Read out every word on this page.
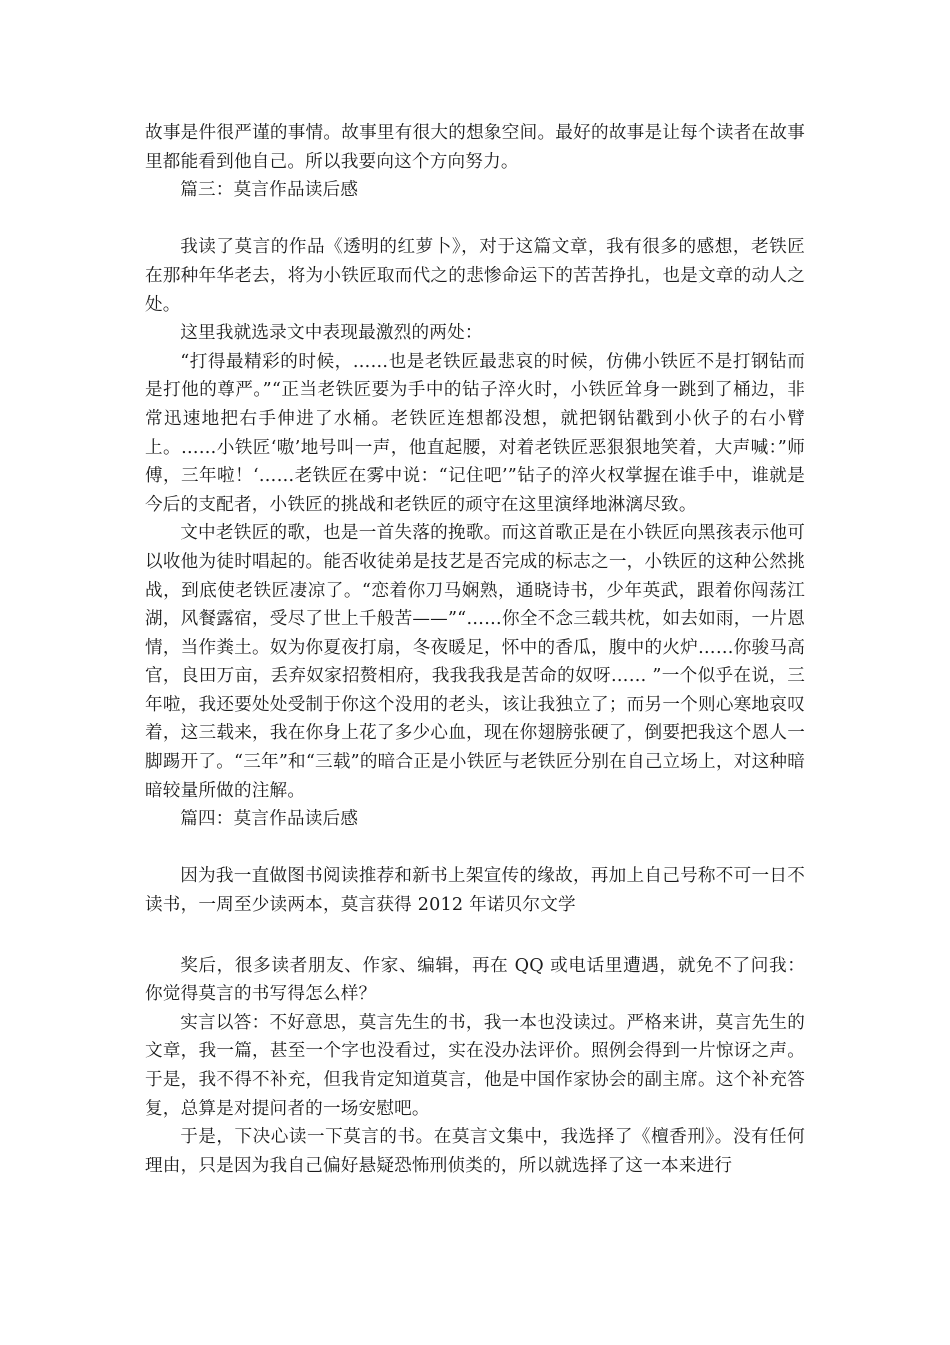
故事是件很严谨的事情。故事里有很大的想象空间。最好的故事是让每个读者在故事里都能看到他自己。所以我要向这个方向努力。

篇三：莫言作品读后感

我读了莫言的作品《透明的红萝卜》，对于这篇文章，我有很多的感想，老铁匠在那种年华老去，将为小铁匠取而代之的悲惨命运下的苦苦挣扎，也是文章的动人之处。

这里我就选录文中表现最激烈的两处：

“打得最精彩的时候，……也是老铁匠最悲哀的时候，仿佛小铁匠不是打钢钻而是打他的尊严。”“正当老铁匠要为手中的钻子淬火时，小铁匠耸身一跳到了桶边，非常迅速地把右手伸进了水桶。老铁匠连想都没想，就把钢钻戳到小伙子的右小臂上。……小铁匠‘嗷’地号叫一声，他直起腰，对着老铁匠恶狠狠地笑着，大声喊：”师傅，三年啦！‘……老铁匠在雾中说：“记住吧’”钻子的淬火权掌握在谁手中，谁就是今后的支配者，小铁匠的挑战和老铁匠的顽守在这里演绎地淋漓尽致。

文中老铁匠的歌，也是一首失落的挽歌。而这首歌正是在小铁匠向黑孩表示他可以收他为徒时唱起的。能否收徒弟是技艺是否完成的标志之一，小铁匠的这种公然挑战，到底使老铁匠凄凉了。“恋着你刀马娴熟，通晓诗书，少年英武，跟着你闯荡江湖，风餐露宿，受尽了世上千般苦——”“……你全不念三载共枕，如去如雨，一片恩情，当作粪土。奴为你夏夜打扇，冬夜暖足，怀中的香瓜，腹中的火炉……你骏马高官，良田万亩，丢弃奴家招赘相府，我我我我是苦命的奴呀…… ”一个似乎在说，三年啦，我还要处处受制于你这个没用的老头，该让我独立了；而另一个则心寒地哀叹着，这三载来，我在你身上花了多少心血，现在你翅膀张硬了，倒要把我这个恩人一脚踢开了。“三年”和“三载”的暗合正是小铁匠与老铁匠分别在自己立场上，对这种暗暗较量所做的注解。

篇四：莫言作品读后感

因为我一直做图书阅读推荐和新书上架宣传的缘故，再加上自己号称不可一日不读书，一周至少读两本，莫言获得 2012 年诺贝尔文学

奖后，很多读者朋友、作家、编辑，再在 QQ 或电话里遭遇，就免不了问我：你觉得莫言的书写得怎么样？

实言以答：不好意思，莫言先生的书，我一本也没读过。严格来讲，莫言先生的文章，我一篇，甚至一个字也没看过，实在没办法评价。照例会得到一片惊讶之声。于是，我不得不补充，但我肯定知道莫言，他是中国作家协会的副主席。这个补充答复，总算是对提问者的一场安慰吧。

于是，下决心读一下莫言的书。在莫言文集中，我选择了《檀香刑》。没有任何理由，只是因为我自己偏好悬疑恐怖刑侦类的，所以就选择了这一本来进行
